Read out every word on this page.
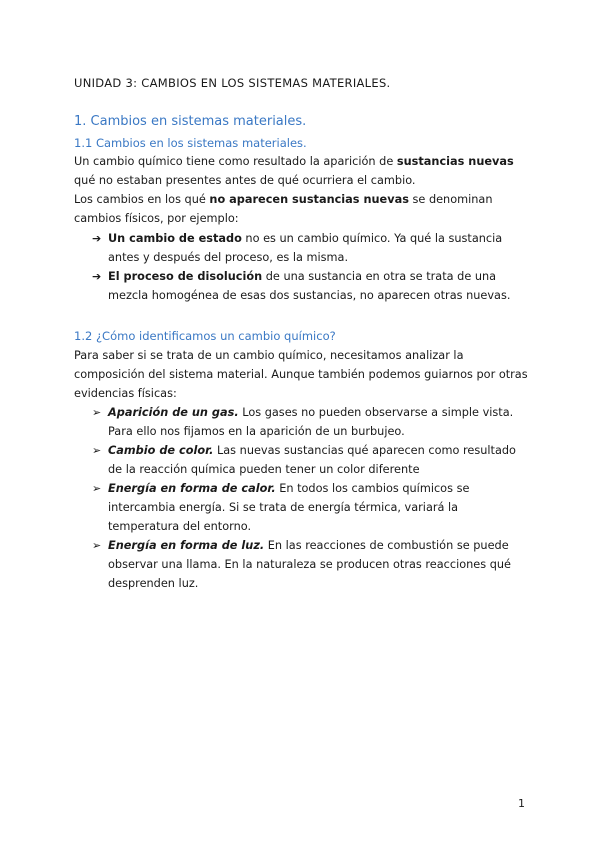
UNIDAD 3: CAMBIOS EN LOS SISTEMAS MATERIALES.
1. Cambios en sistemas materiales.
1.1 Cambios en los sistemas materiales.

Un cambio químico tiene como resultado la aparición de sustancias nuevas qué no estaban presentes antes de qué ocurriera el cambio.

Los cambios en los qué no aparecen sustancias nuevas se denominan cambios físicos, por ejemplo:

➔ Un cambio de estado no es un cambio químico. Ya qué la sustancia antes y después del proceso, es la misma.
➔ El proceso de disolución de una sustancia en otra se trata de una mezcla homogénea de esas dos sustancias, no aparecen otras nuevas.
1.2 ¿Cómo identificamos un cambio químico?

Para saber si se trata de un cambio químico, necesitamos analizar la composición del sistema material. Aunque también podemos guiarnos por otras evidencias físicas:

➢ Aparición de un gas. Los gases no pueden observarse a simple vista. Para ello nos fijamos en la aparición de un burbujeo.
➢ Cambio de color. Las nuevas sustancias qué aparecen como resultado de la reacción química pueden tener un color diferente
➢ Energía en forma de calor. En todos los cambios químicos se intercambia energía. Si se trata de energía térmica, variará la temperatura del entorno.
➢ Energía en forma de luz. En las reacciones de combustión se puede observar una llama. En la naturaleza se producen otras reacciones qué desprenden luz.
1
